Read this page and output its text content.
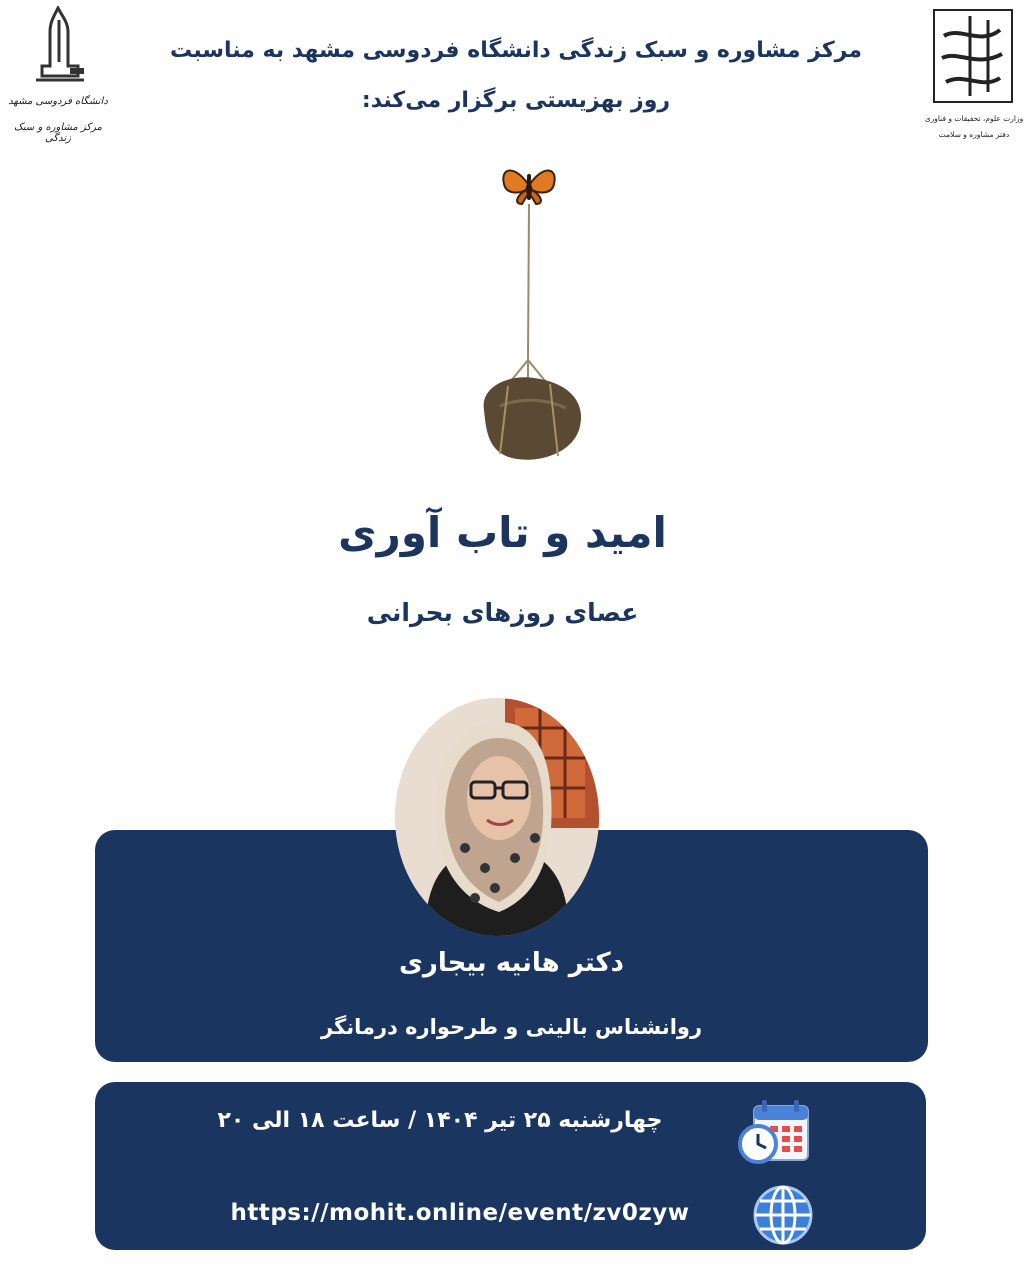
دانشگاه فردوسی مشهد
مرکز مشاوره و سبک زندگی
وزارت علوم، تحقیقات و فناوری
دفتر مشاوره و سلامت
مرکز مشاوره و سبک زندگی دانشگاه فردوسی مشهد به مناسبت
روز بهزیستی برگزار می‌کند:
امید و تاب آوری
عصای روزهای بحرانی
دکتر هانیه بیجاری
روانشناس بالینی و طرحواره درمانگر
چهارشنبه ۲۵ تیر ۱۴۰۴ / ساعت ۱۸ الی ۲۰
https://mohit.online/event/zv0zyw
